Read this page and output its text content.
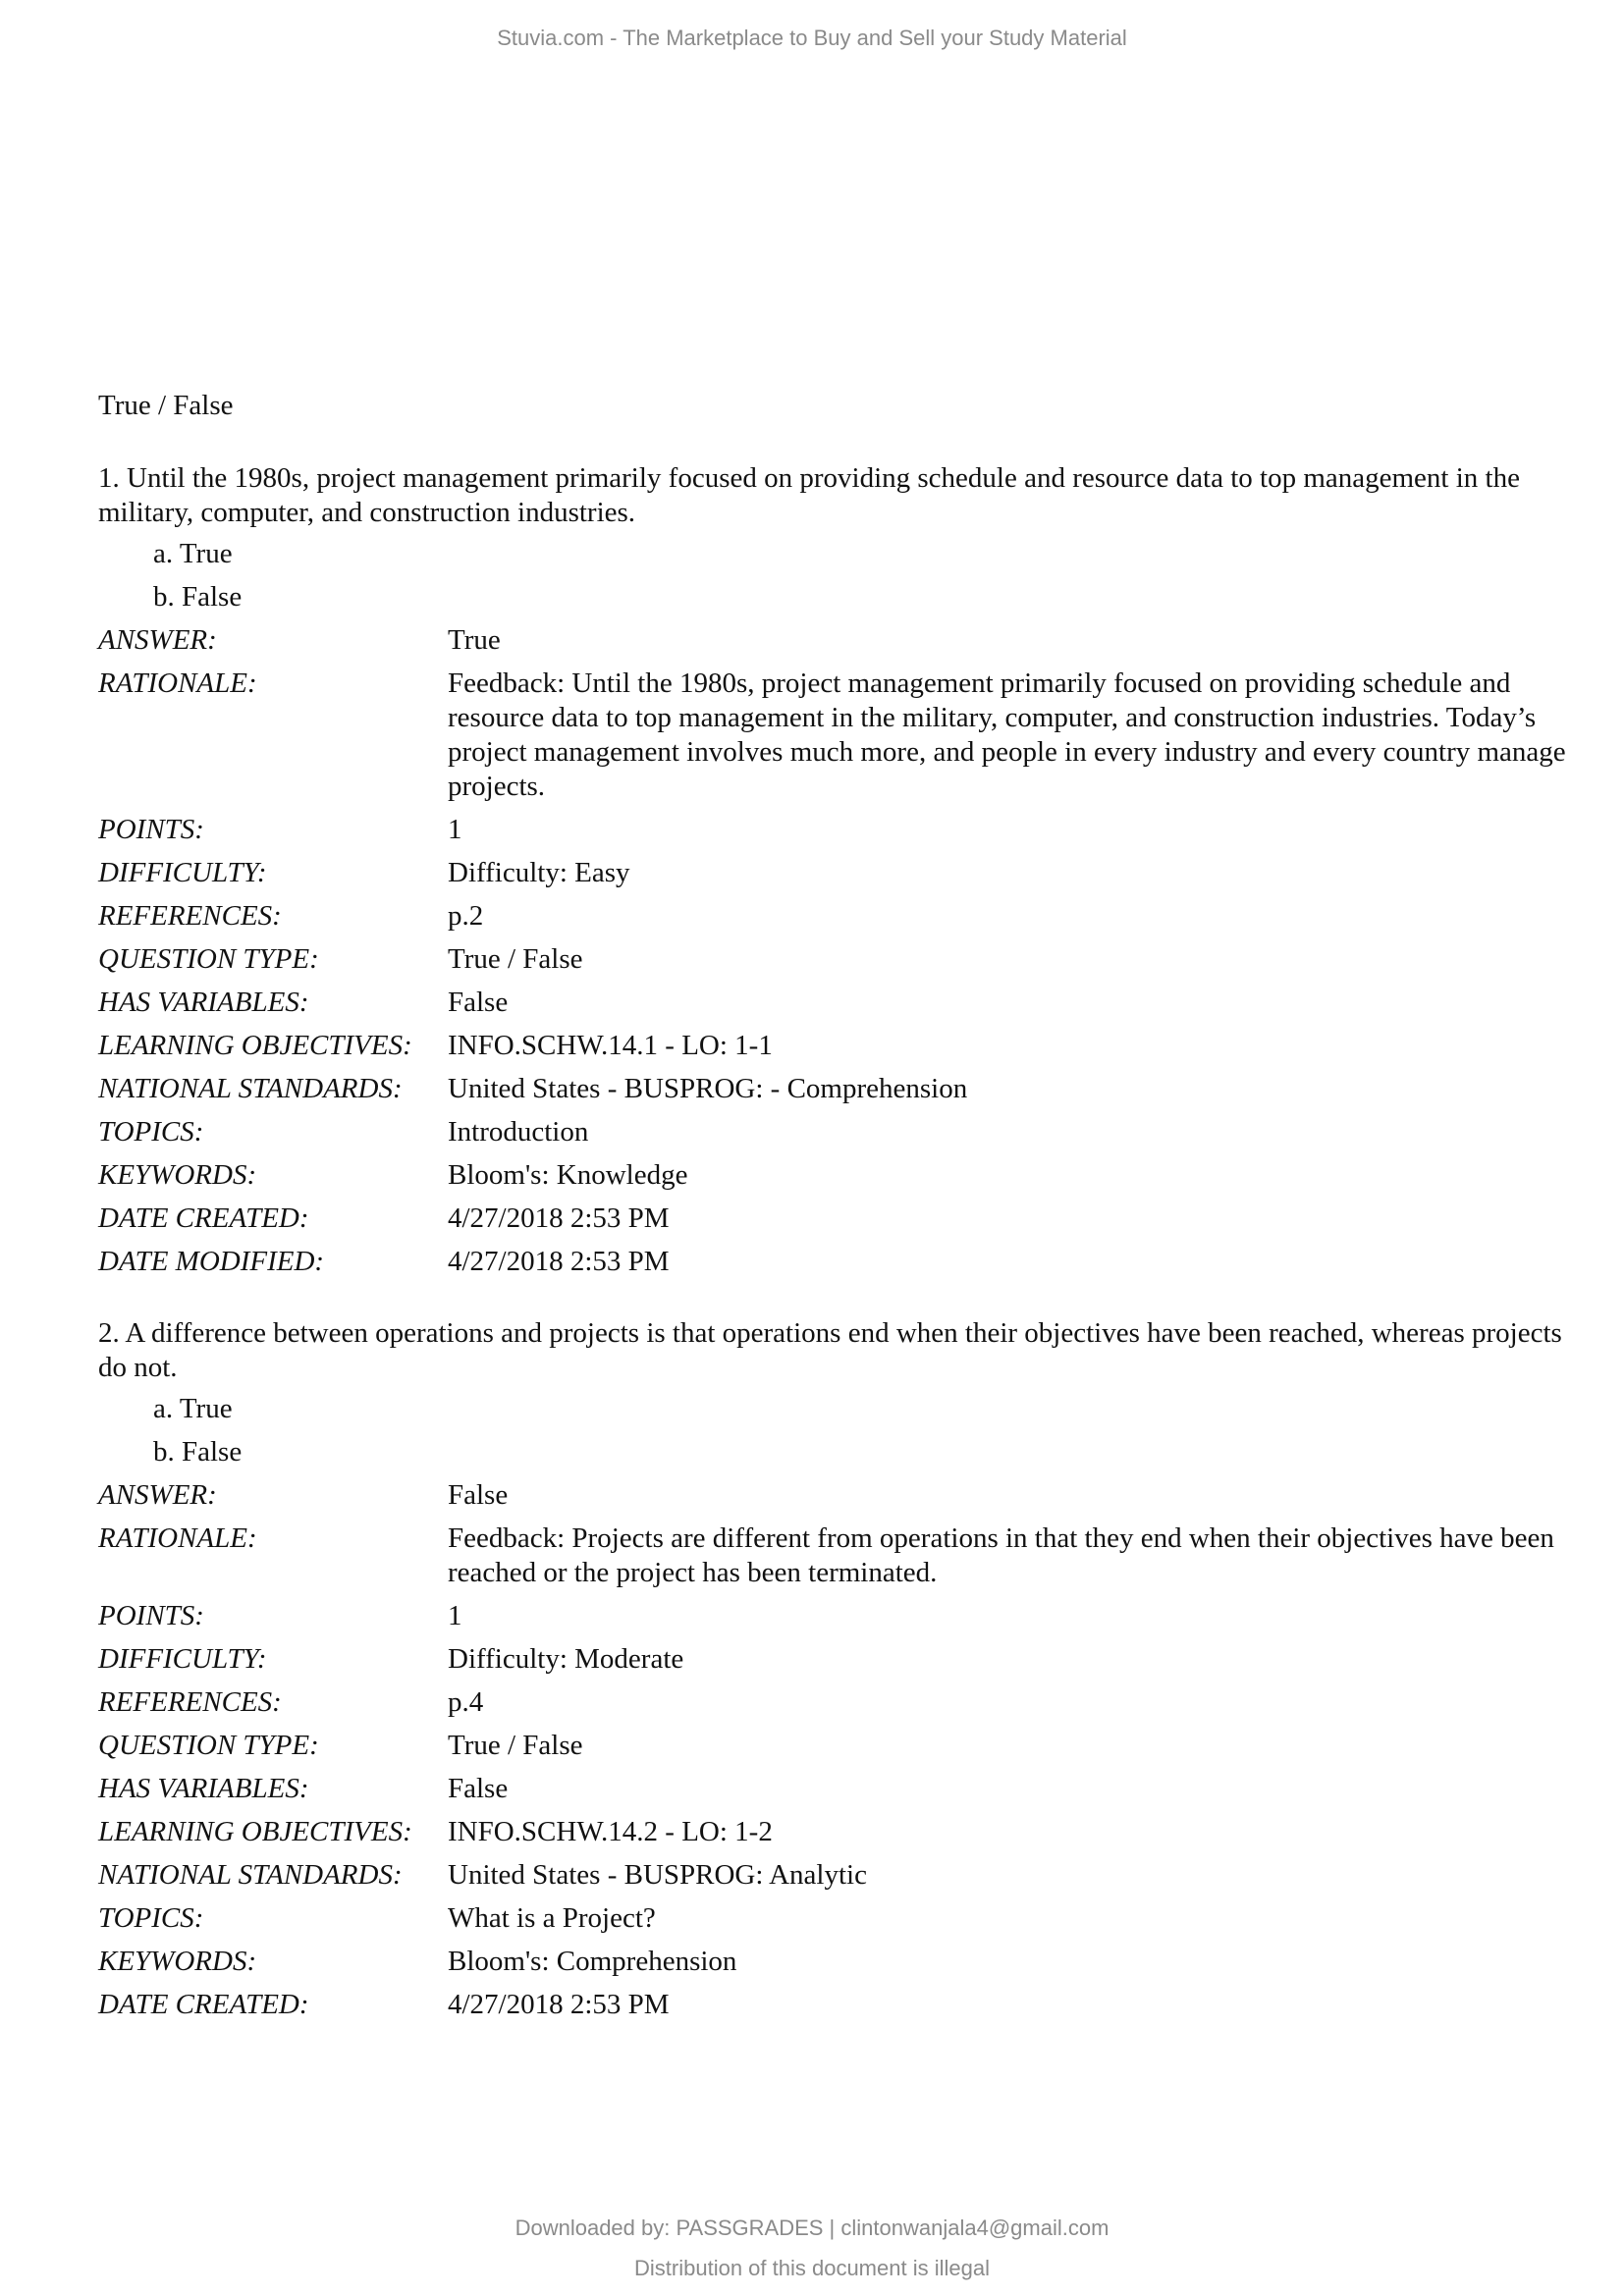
Stuvia.com - The Marketplace to Buy and Sell your Study Material
True / False
1. Until the 1980s, project management primarily focused on providing schedule and resource data to top management in the military, computer, and construction industries.
a. True
b. False
ANSWER:	True
RATIONALE:	Feedback: Until the 1980s, project management primarily focused on providing schedule and resource data to top management in the military, computer, and construction industries. Today’s project management involves much more, and people in every industry and every country manage projects.
POINTS:	1
DIFFICULTY:	Difficulty: Easy
REFERENCES:	p.2
QUESTION TYPE:	True / False
HAS VARIABLES:	False
LEARNING OBJECTIVES:	INFO.SCHW.14.1 - LO: 1-1
NATIONAL STANDARDS:	United States - BUSPROG: - Comprehension
TOPICS:	Introduction
KEYWORDS:	Bloom's: Knowledge
DATE CREATED:	4/27/2018 2:53 PM
DATE MODIFIED:	4/27/2018 2:53 PM
2. A difference between operations and projects is that operations end when their objectives have been reached, whereas projects do not.
a. True
b. False
ANSWER:	False
RATIONALE:	Feedback: Projects are different from operations in that they end when their objectives have been reached or the project has been terminated.
POINTS:	1
DIFFICULTY:	Difficulty: Moderate
REFERENCES:	p.4
QUESTION TYPE:	True / False
HAS VARIABLES:	False
LEARNING OBJECTIVES:	INFO.SCHW.14.2 - LO: 1-2
NATIONAL STANDARDS:	United States - BUSPROG: Analytic
TOPICS:	What is a Project?
KEYWORDS:	Bloom's: Comprehension
DATE CREATED:	4/27/2018 2:53 PM
Downloaded by: PASSGRADES | clintonwanjala4@gmail.com
Distribution of this document is illegal
